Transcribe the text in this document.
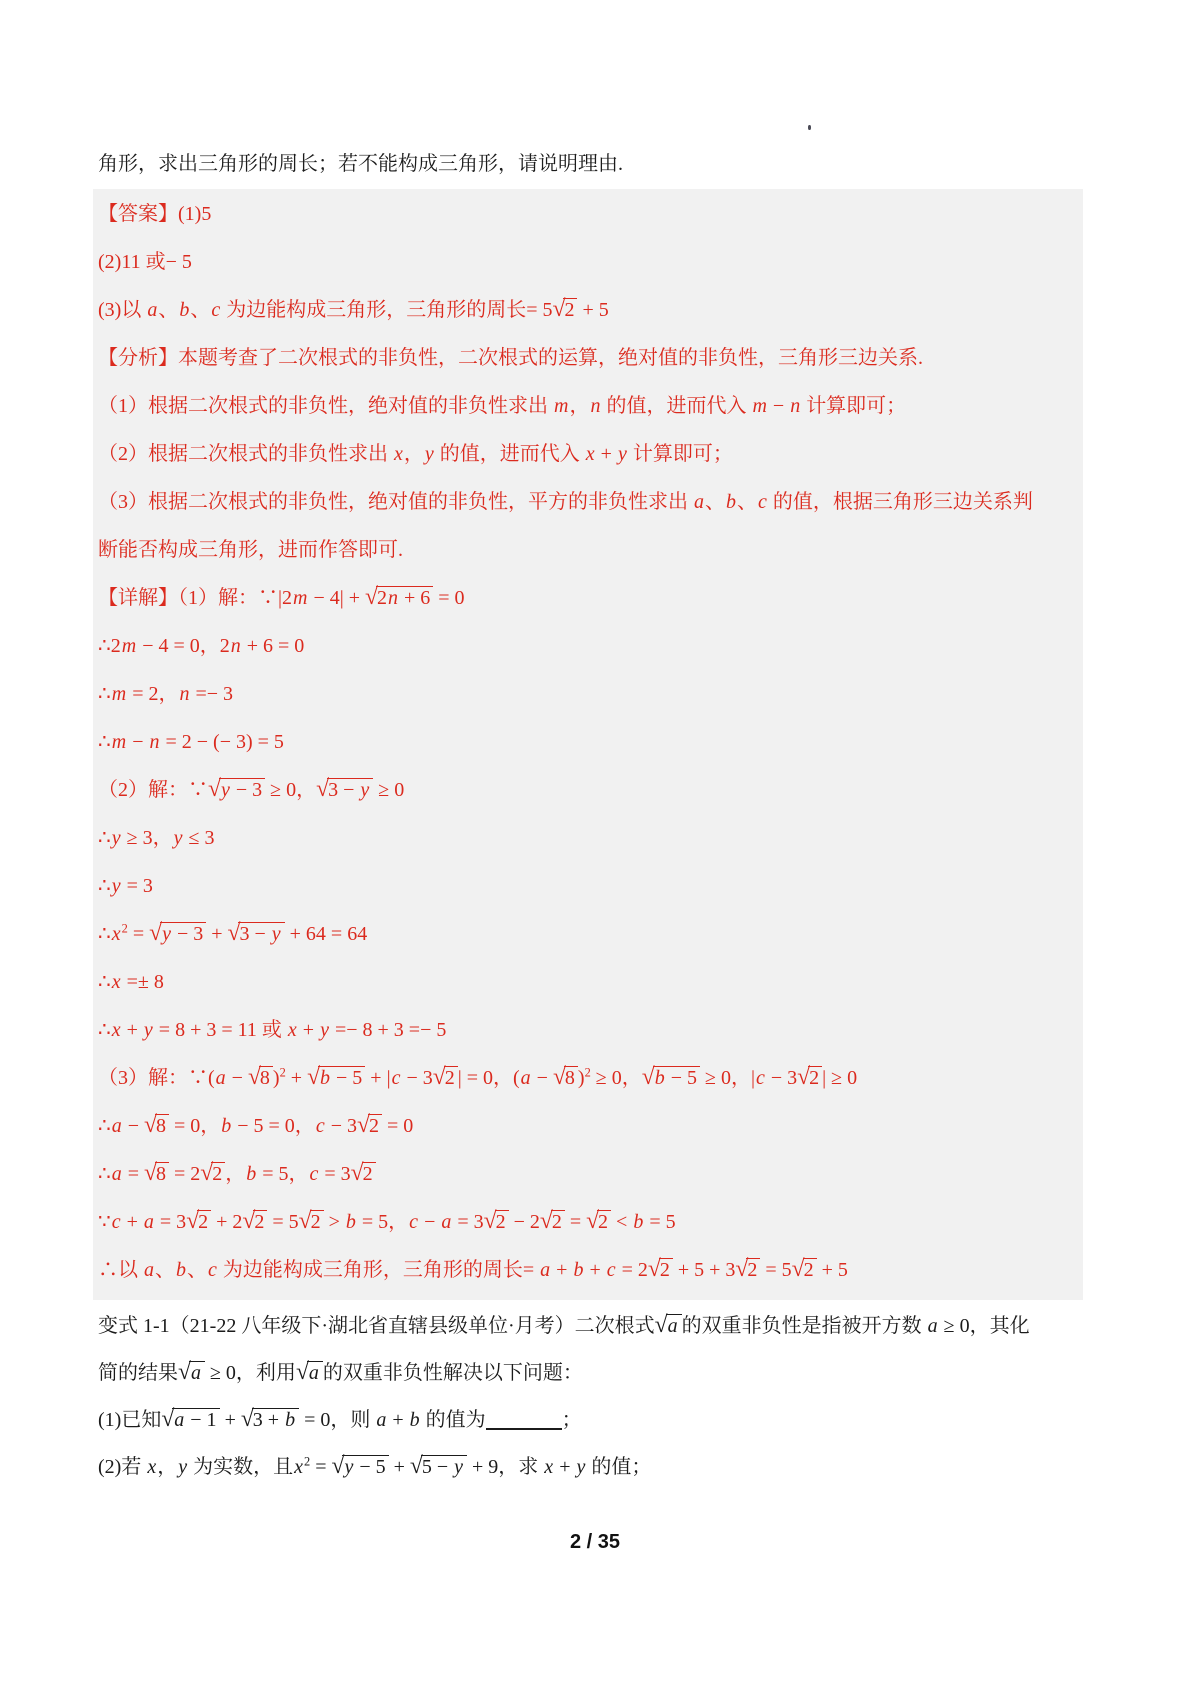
角形，求出三角形的周长；若不能构成三角形，请说明理由.
【答案】(1)5
(2)11 或− 5
(3)以 a、b、c 为边能构成三角形，三角形的周长= 5 √ 2 + 5
【分析】本题考查了二次根式的非负性，二次根式的运算，绝对值的非负性，三角形三边关系.
（1）根据二次根式的非负性，绝对值的非负性求出 m，n 的值，进而代入 m − n 计算即可；
（2）根据二次根式的非负性求出 x，y 的值，进而代入 x + y 计算即可；
（3）根据二次根式的非负性，绝对值的非负性，平方的非负性求出 a、b、c 的值，根据三角形三边关系判
断能否构成三角形，进而作答即可.
【详解】（1）解：∵|2m − 4| + √ 2n + 6 = 0
∴2m − 4 = 0，2n + 6 = 0
∴m = 2，n =− 3
∴m − n = 2 − (− 3) = 5
（2）解：∵ √ y − 3 ≥ 0， √ 3 − y ≥ 0
∴y ≥ 3，y ≤ 3
∴y = 3
$\therefore x^2$ = √ y − 3 + √ 3 − y + 64 = 64
∴x =± 8
∴x + y = 8 + 3 = 11 或 x + y =− 8 + 3 =− 5
（3）解：∵(a − √ 8 )$^2$ + √ b − 5 + |c − 3 √ 2 | = 0，(a − √ 8 )$^2$ ≥ 0， √ b − 5 ≥ 0，|c − 3 √ 2 | ≥ 0
∴a − √ 8 = 0，b − 5 = 0，c − 3 √ 2 = 0
∴a = √ 8 = 2 √ 2 ，b = 5，c = 3 √ 2
∵c + a = 3 √ 2 + 2 √ 2 = 5 √ 2 > b = 5，c − a = 3 √ 2 − 2 √ 2 = √ 2 < b = 5
∴以 a、b、c 为边能构成三角形，三角形的周长= a + b + c = 2 √ 2 + 5 + 3 √ 2 = 5 √ 2 + 5
变式 1-1（21-22 八年级下·湖北省直辖县级单位·月考）二次根式 √ a 的双重非负性是指被开方数 a ≥ 0，其化
简的结果 √ a ≥ 0，利用 √ a 的双重非负性解决以下问题：
(1)已知 √ a − 1 + √ 3 + b = 0，则 a + b 的值为	；
(2)若 x，y 为实数，且$x^2$ = √ y − 5 + √ 5 − y + 9，求 x + y 的值；
2 / 35
